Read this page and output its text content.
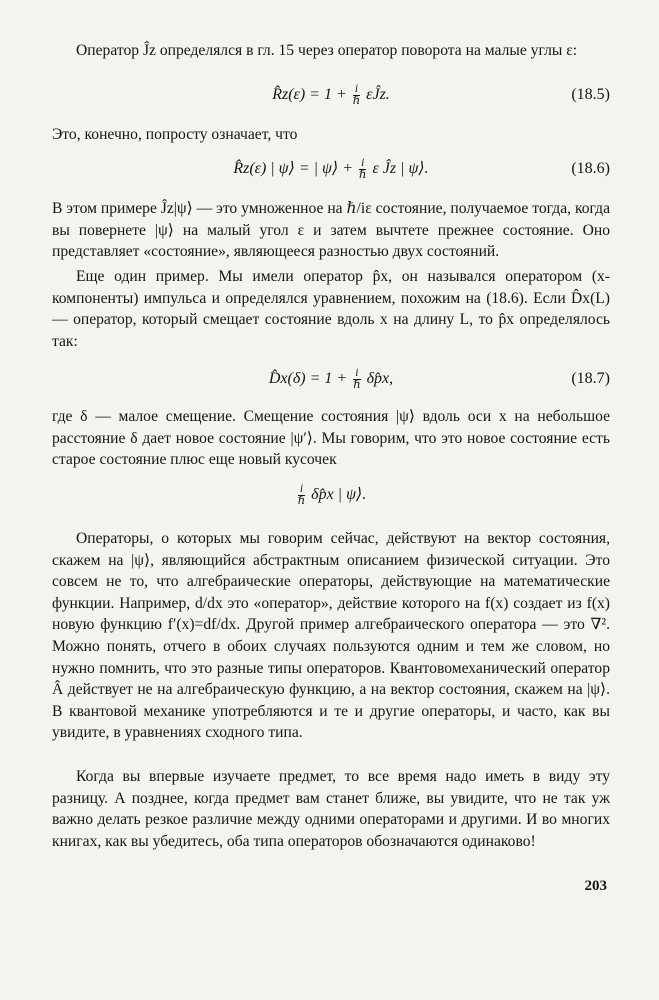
Оператор Ĵz определялся в гл. 15 через оператор поворота на малые углы ε:

R̂z(ε) = $1 + \frac{i}{\text{ℏ}}$ εĴz.	(18.5)

Это, конечно, попросту означает, что

R̂z(ε) | ψ⟩ = | ψ⟩ + $\frac{i}{\text{ℏ}}$ ε Ĵz | ψ⟩.	(18.6)

В этом примере Ĵz|ψ⟩ — это умноженное на ℏ/iε состояние, получаемое тогда, когда вы повернете |ψ⟩ на малый угол ε и затем вычтете прежнее состояние. Оно представляет «состояние», являющееся разностью двух состояний.

Еще один пример. Мы имели оператор p̂x, он назывался оператором (x-компоненты) импульса и определялся уравнением, похожим на (18.6). Если D̂x(L) — оператор, который смещает состояние вдоль x на длину L, то p̂x определялось так:

D̂x(δ) = $1 + \frac{i}{\text{ℏ}}$ δp̂x,	(18.7)

где δ — малое смещение. Смещение состояния |ψ⟩ вдоль оси x на небольшое расстояние δ дает новое состояние |ψ′⟩. Мы говорим, что это новое состояние есть старое состояние плюс еще новый кусочек

$\frac{i}{\text{ℏ}}$ δp̂x | ψ⟩.

Операторы, о которых мы говорим сейчас, действуют на вектор состояния, скажем на |ψ⟩, являющийся абстрактным описанием физической ситуации. Это совсем не то, что алгебраические операторы, действующие на математические функции. Например, d/dx это «оператор», действие которого на f(x) создает из f(x) новую функцию f′(x)=df/dx. Другой пример алгебраического оператора — это ∇². Можно понять, отчего в обоих случаях пользуются одним и тем же словом, но нужно помнить, что это разные типы операторов. Квантовомеханический оператор Â действует не на алгебраическую функцию, а на вектор состояния, скажем на |ψ⟩. В квантовой механике употребляются и те и другие операторы, и часто, как вы увидите, в уравнениях сходного типа.

Когда вы впервые изучаете предмет, то все время надо иметь в виду эту разницу. А позднее, когда предмет вам станет ближе, вы увидите, что не так уж важно делать резкое различие между одними операторами и другими. И во многих книгах, как вы убедитесь, оба типа операторов обозначаются одинаково!

203
